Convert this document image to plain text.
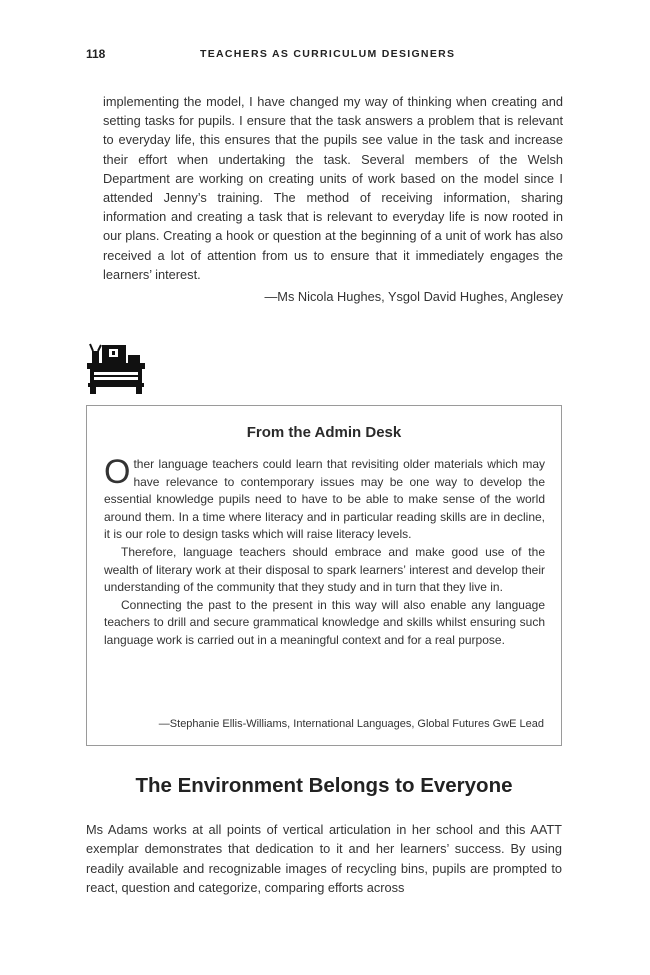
118	TEACHERS AS CURRICULUM DESIGNERS

implementing the model, I have changed my way of thinking when creating and setting tasks for pupils. I ensure that the task answers a problem that is relevant to everyday life, this ensures that the pupils see value in the task and increase their effort when undertaking the task. Several members of the Welsh Department are working on creating units of work based on the model since I attended Jenny’s training. The method of receiving information, sharing information and creating a task that is relevant to everyday life is now rooted in our plans. Creating a hook or question at the beginning of a unit of work has also received a lot of attention from us to ensure that it immediately engages the learners’ interest.

—Ms Nicola Hughes, Ysgol David Hughes, Anglesey
From the Admin Desk

Other language teachers could learn that revisiting older materials which may have relevance to contemporary issues may be one way to develop the essential knowledge pupils need to have to be able to make sense of the world around them. In a time where literacy and in particular reading skills are in decline, it is our role to design tasks which will raise literacy levels.

Therefore, language teachers should embrace and make good use of the wealth of literary work at their disposal to spark learners’ interest and develop their understanding of the community that they study and in turn that they live in.

Connecting the past to the present in this way will also enable any language teachers to drill and secure grammatical knowledge and skills whilst ensuring such language work is carried out in a meaningful context and for a real purpose.

—Stephanie Ellis-Williams, International Languages, Global Futures GwE Lead
The Environment Belongs to Everyone

Ms Adams works at all points of vertical articulation in her school and this AATT exemplar demonstrates that dedication to it and her learners’ success. By using readily available and recognizable images of recycling bins, pupils are prompted to react, question and categorize, comparing efforts across
